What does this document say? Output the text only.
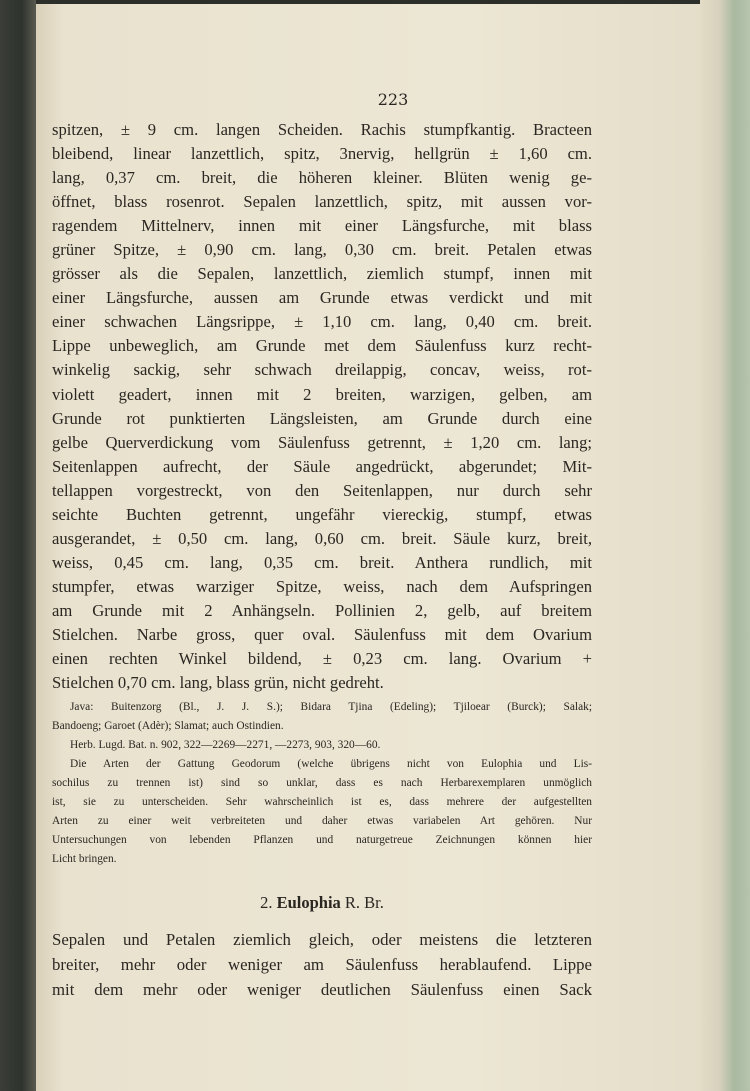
223

spitzen, ± 9 cm. langen Scheiden. Rachis stumpfkantig. Bracteen
bleibend, linear lanzettlich, spitz, 3nervig, hellgrün ± 1,60 cm.
lang, 0,37 cm. breit, die höheren kleiner. Blüten wenig ge-
öffnet, blass rosenrot. Sepalen lanzettlich, spitz, mit aussen vor-
ragendem Mittelnerv, innen mit einer Längsfurche, mit blass
grüner Spitze, ± 0,90 cm. lang, 0,30 cm. breit. Petalen etwas
grösser als die Sepalen, lanzettlich, ziemlich stumpf, innen mit
einer Längsfurche, aussen am Grunde etwas verdickt und mit
einer schwachen Längsrippe, ± 1,10 cm. lang, 0,40 cm. breit.
Lippe unbeweglich, am Grunde met dem Säulenfuss kurz recht-
winkelig sackig, sehr schwach dreilappig, concav, weiss, rot-
violett geadert, innen mit 2 breiten, warzigen, gelben, am
Grunde rot punktierten Längsleisten, am Grunde durch eine
gelbe Querverdickung vom Säulenfuss getrennt, ± 1,20 cm. lang;
Seitenlappen aufrecht, der Säule angedrückt, abgerundet; Mit-
tellappen vorgestreckt, von den Seitenlappen, nur durch sehr
seichte Buchten getrennt, ungefähr viereckig, stumpf, etwas
ausgerandet, ± 0,50 cm. lang, 0,60 cm. breit. Säule kurz, breit,
weiss, 0,45 cm. lang, 0,35 cm. breit. Anthera rundlich, mit
stumpfer, etwas warziger Spitze, weiss, nach dem Aufspringen
am Grunde mit 2 Anhängseln. Pollinien 2, gelb, auf breitem
Stielchen. Narbe gross, quer oval. Säulenfuss mit dem Ovarium
einen rechten Winkel bildend, ± 0,23 cm. lang. Ovarium +
Stielchen 0,70 cm. lang, blass grün, nicht gedreht.

Java: Buitenzorg (Bl., J. J. S.); Bidara Tjina (Edeling); Tjiloear (Burck); Salak;
Bandoeng; Garoet (Adèr); Slamat; auch Ostindien.
Herb. Lugd. Bat. n. 902, 322—2269—2271, —2273, 903, 320—60.
Die Arten der Gattung Geodorum (welche übrigens nicht von Eulophia und Lis-
sochilus zu trennen ist) sind so unklar, dass es nach Herbarexemplaren unmöglich
ist, sie zu unterscheiden. Sehr wahrscheinlich ist es, dass mehrere der aufgestellten
Arten zu einer weit verbreiteten und daher etwas variabelen Art gehören. Nur
Untersuchungen von lebenden Pflanzen und naturgetreue Zeichnungen können hier
Licht bringen.
2. Eulophia R. Br.

Sepalen und Petalen ziemlich gleich, oder meistens die letzteren
breiter, mehr oder weniger am Säulenfuss herablaufend. Lippe
mit dem mehr oder weniger deutlichen Säulenfuss einen Sack
